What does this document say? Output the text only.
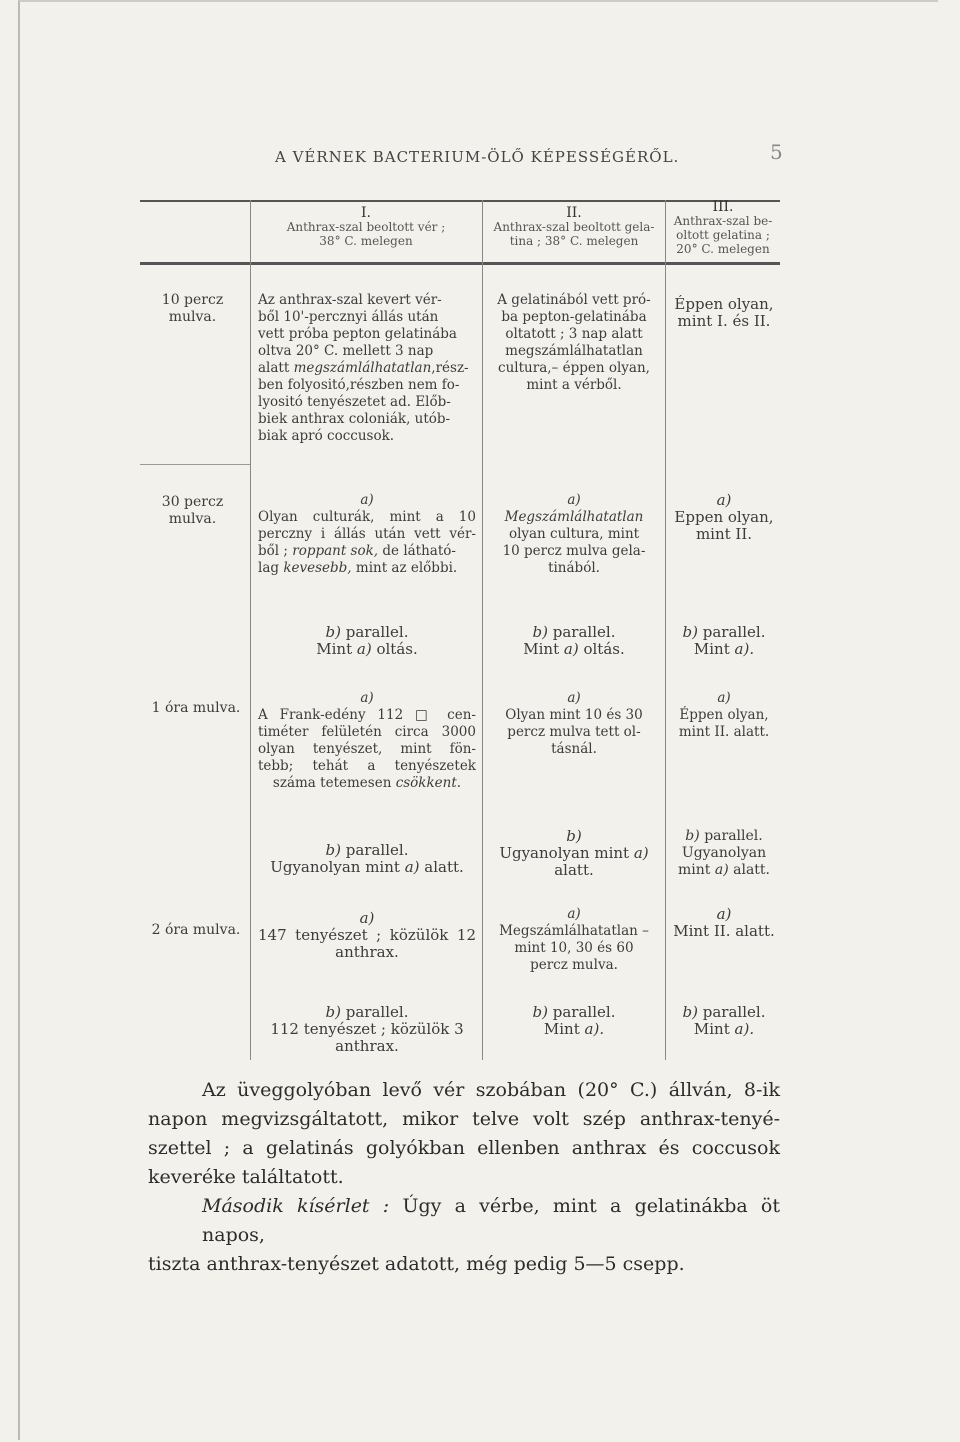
A VÉRNEK BACTERIUM-ÖLŐ KÉPESSÉGÉRŐL.	5
I.
Anthrax-szal beoltott vér ;
38° C. melegen
II.
Anthrax-szal beoltott gela-
tina ; 38° C. melegen
III.
Anthrax-szal be-
oltott gelatina ;
20° C. melegen
10 percz
mulva.
Az anthrax-szal kevert vér-
ből 10'-percznyi állás után
vett próba pepton gelatinába
oltva 20° C. mellett 3 nap
alatt megszámlálhatatlan,rész-
ben folyositó,részben nem fo-
lyositó tenyészetet ad. Előb-
biek anthrax coloniák, utób-
biak apró coccusok.
A gelatinából vett pró-
ba pepton-gelatinába
oltatott ; 3 nap alatt
megszámlálhatatlan
cultura,– éppen olyan,
mint a vérből.
Éppen olyan,
mint I. és II.
30 percz
mulva.
a)
Olyan culturák, mint a 10
perczny i állás után vett vér-
ből ; roppant sok, de látható-
lag kevesebb, mint az előbbi.
a)
Megszámlálhatatlan
olyan cultura, mint
10 percz mulva gela-
tinából.
a)
Eppen olyan,
mint II.
b) parallel.
Mint a) oltás.
b) parallel.
Mint a) oltás.
b) parallel.
Mint a).
1 óra mulva.
a)
A Frank-edény 112 □ cen-
timéter felületén circa 3000
olyan tenyészet, mint fön-
tebb; tehát a tenyészetek
száma tetemesen csökkent.
a)
Olyan mint 10 és 30
percz mulva tett ol-
tásnál.
a)
Éppen olyan,
mint II. alatt.
b) parallel.
Ugyanolyan mint a) alatt.
b)
Ugyanolyan mint a)
alatt.
b) parallel.
Ugyanolyan
mint a) alatt.
2 óra mulva.
a)
147 tenyészet ; közülök 12
anthrax.
a)
Megszámlálhatatlan –
mint 10, 30 és 60
percz mulva.
a)
Mint II. alatt.
b) parallel.
112 tenyészet ; közülök 3
anthrax.
b) parallel.
Mint a).
b) parallel.
Mint a).
Az üveggolyóban levő vér szobában (20° C.) állván, 8-ik
napon megvizsgáltatott, mikor telve volt szép anthrax-tenyé-
szettel ; a gelatinás golyókban ellenben anthrax és coccusok
keveréke találtatott.
Második kísérlet : Úgy a vérbe, mint a gelatinákba öt napos,
tiszta anthrax-tenyészet adatott, még pedig 5—5 csepp.
